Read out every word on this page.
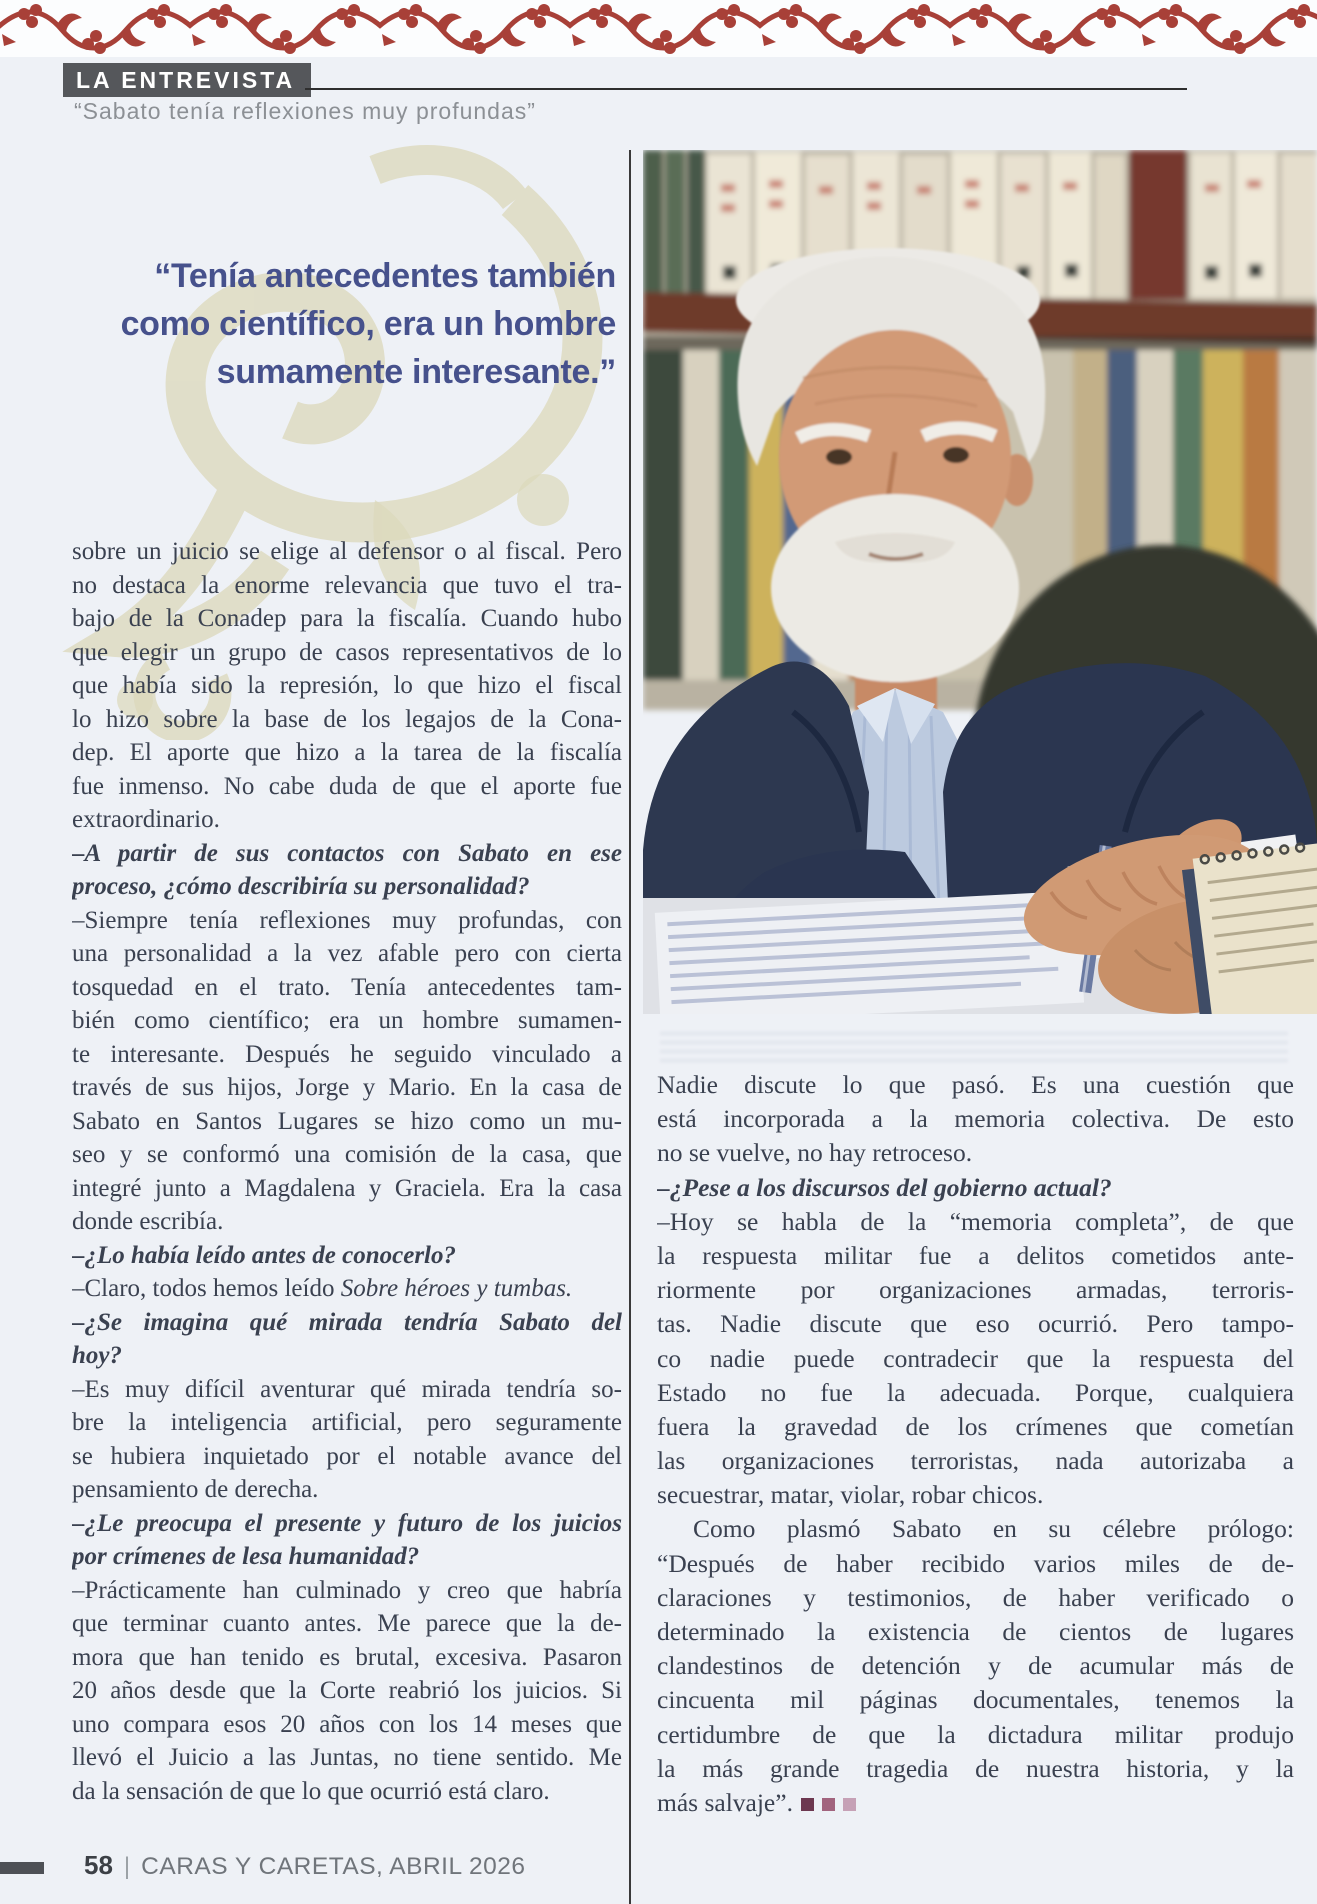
LA ENTREVISTA
“Sabato tenía reflexiones muy profundas”
“Tenía antecedentes también
como científico, era un hombre
sumamente interesante.”
sobre un juicio se elige al defensor o al fiscal. Pero
no destaca la enorme relevancia que tuvo el tra-
bajo de la Conadep para la fiscalía. Cuando hubo
que elegir un grupo de casos representativos de lo
que había sido la represión, lo que hizo el fiscal
lo hizo sobre la base de los legajos de la Cona-
dep. El aporte que hizo a la tarea de la fiscalía
fue inmenso. No cabe duda de que el aporte fue
extraordinario.
–A partir de sus contactos con Sabato en ese
proceso, ¿cómo describiría su personalidad?
–Siempre tenía reflexiones muy profundas, con
una personalidad a la vez afable pero con cierta
tosquedad en el trato. Tenía antecedentes tam-
bién como científico; era un hombre sumamen-
te interesante. Después he seguido vinculado a
través de sus hijos, Jorge y Mario. En la casa de
Sabato en Santos Lugares se hizo como un mu-
seo y se conformó una comisión de la casa, que
integré junto a Magdalena y Graciela. Era la casa
donde escribía.
–¿Lo había leído antes de conocerlo?
–Claro, todos hemos leído Sobre héroes y tumbas.
–¿Se imagina qué mirada tendría Sabato del
hoy?
–Es muy difícil aventurar qué mirada tendría so-
bre la inteligencia artificial, pero seguramente
se hubiera inquietado por el notable avance del
pensamiento de derecha.
–¿Le preocupa el presente y futuro de los juicios
por crímenes de lesa humanidad?
–Prácticamente han culminado y creo que habría
que terminar cuanto antes. Me parece que la de-
mora que han tenido es brutal, excesiva. Pasaron
20 años desde que la Corte reabrió los juicios. Si
uno compara esos 20 años con los 14 meses que
llevó el Juicio a las Juntas, no tiene sentido. Me
da la sensación de que lo que ocurrió está claro.
Nadie discute lo que pasó. Es una cuestión que
está incorporada a la memoria colectiva. De esto
no se vuelve, no hay retroceso.
–¿Pese a los discursos del gobierno actual?
–Hoy se habla de la “memoria completa”, de que
la respuesta militar fue a delitos cometidos ante-
riormente por organizaciones armadas, terroris-
tas. Nadie discute que eso ocurrió. Pero tampo-
co nadie puede contradecir que la respuesta del
Estado no fue la adecuada. Porque, cualquiera
fuera la gravedad de los crímenes que cometían
las organizaciones terroristas, nada autorizaba a
secuestrar, matar, violar, robar chicos.
Como plasmó Sabato en su célebre prólogo:
“Después de haber recibido varios miles de de-
claraciones y testimonios, de haber verificado o
determinado la existencia de cientos de lugares
clandestinos de detención y de acumular más de
cincuenta mil páginas documentales, tenemos la
certidumbre de que la dictadura militar produjo
la más grande tragedia de nuestra historia, y la
más salvaje”.
58 | CARAS Y CARETAS, ABRIL 2026
